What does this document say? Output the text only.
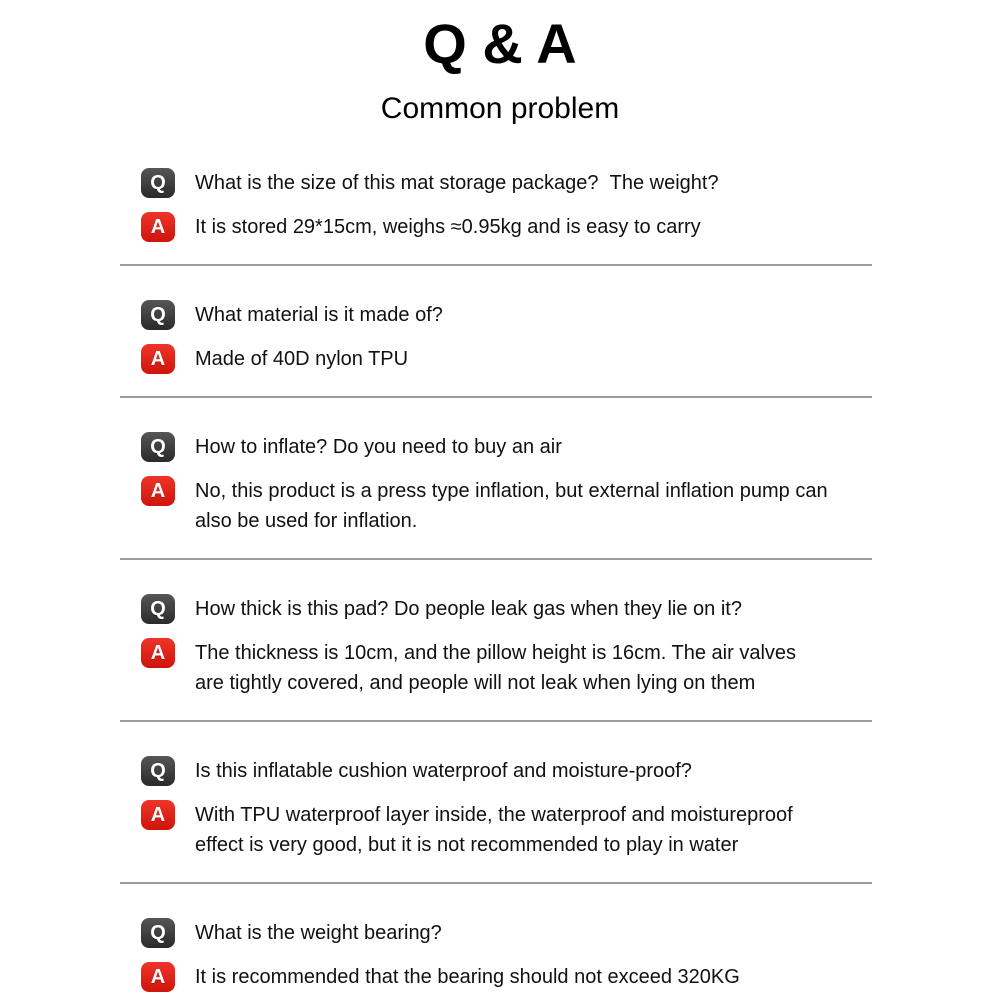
Q & A
Common problem
Q	What is the size of this mat storage package?  The weight?

A	It is stored 29*15cm, weighs ≈0.95kg and is easy to carry

Q	What material is it made of?

A	Made of 40D nylon TPU

Q	How to inflate? Do you need to buy an air

A	No, this product is a press type inflation, but external inflation pump can
also be used for inflation.

Q	How thick is this pad? Do people leak gas when they lie on it?

A	The thickness is 10cm, and the pillow height is 16cm. The air valves
are tightly covered, and people will not leak when lying on them

Q	Is this inflatable cushion waterproof and moisture-proof?

A	With TPU waterproof layer inside, the waterproof and moistureproof
effect is very good, but it is not recommended to play in water

Q	What is the weight bearing?

A	It is recommended that the bearing should not exceed 320KG
